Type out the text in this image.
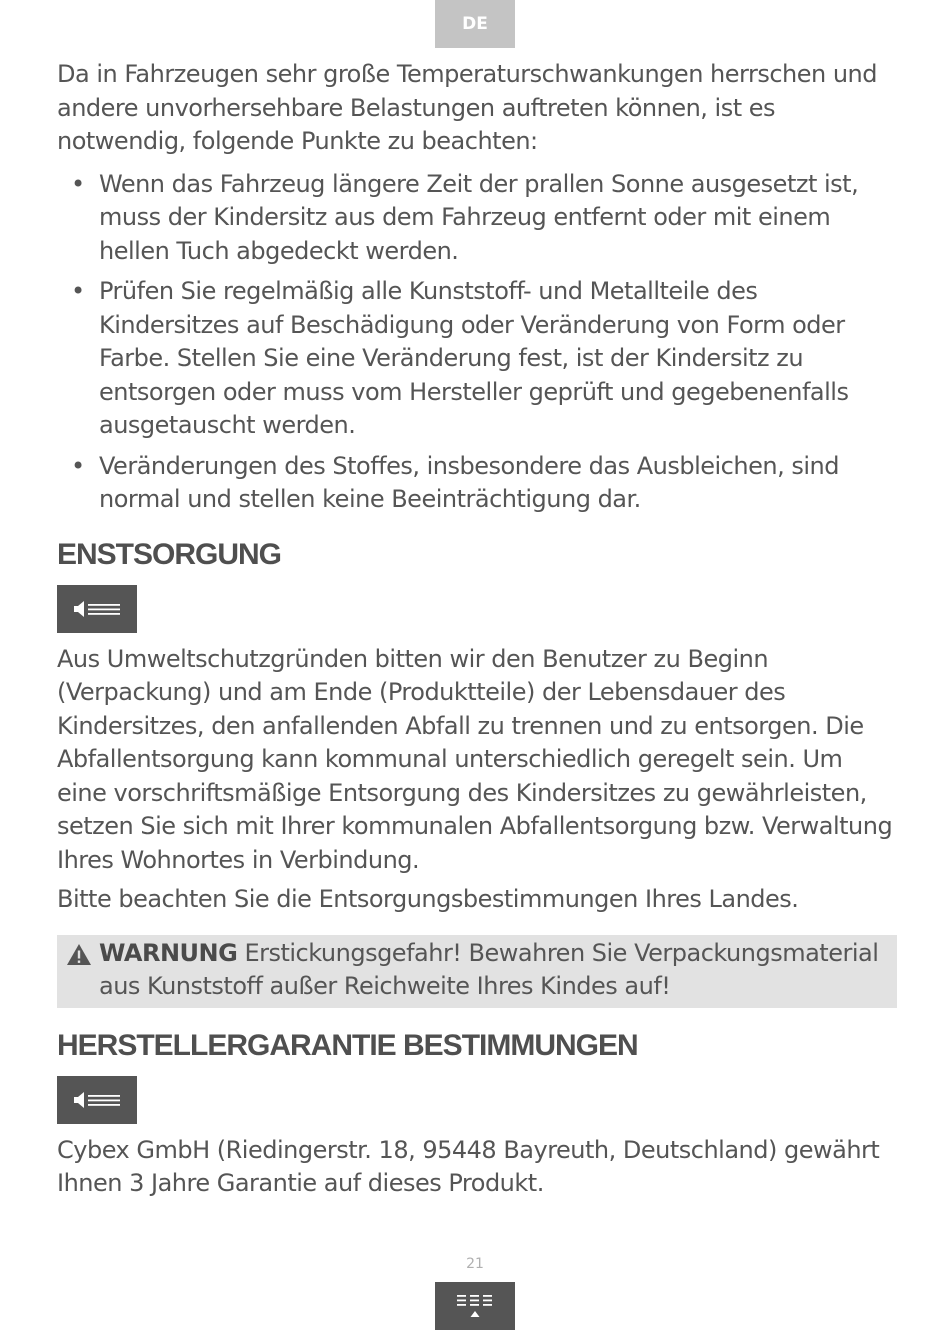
DE

Da in Fahrzeugen sehr große Temperaturschwankungen herrschen und andere unvorhersehbare Belastungen auftreten können, ist es notwendig, folgende Punkte zu beachten:

• Wenn das Fahrzeug längere Zeit der prallen Sonne ausgesetzt ist, muss der Kindersitz aus dem Fahrzeug entfernt oder mit einem hellen Tuch abgedeckt werden.
• Prüfen Sie regelmäßig alle Kunststoff- und Metallteile des Kindersitzes auf Beschädigung oder Veränderung von Form oder Farbe. Stellen Sie eine Veränderung fest, ist der Kindersitz zu entsorgen oder muss vom Hersteller geprüft und gegebenenfalls ausgetauscht werden.
• Veränderungen des Stoffes, insbesondere das Ausbleichen, sind normal und stellen keine Beeinträchtigung dar.
ENSTSORGUNG

Aus Umweltschutzgründen bitten wir den Benutzer zu Beginn (Verpackung) und am Ende (Produktteile) der Lebensdauer des Kindersitzes, den anfallenden Abfall zu trennen und zu entsorgen. Die Abfallentsorgung kann kommunal unterschiedlich geregelt sein. Um eine vorschriftsmäßige Entsorgung des Kindersitzes zu gewährleisten, setzen Sie sich mit Ihrer kommunalen Abfallentsorgung bzw. Verwaltung Ihres Wohnortes in Verbindung.

Bitte beachten Sie die Entsorgungsbestimmungen Ihres Landes.

WARNUNG Erstickungsgefahr! Bewahren Sie Verpackungsmaterial aus Kunststoff außer Reichweite Ihres Kindes auf!

HERSTELLERGARANTIE BESTIMMUNGEN

Cybex GmbH (Riedingerstr. 18, 95448 Bayreuth, Deutschland) gewährt Ihnen 3 Jahre Garantie auf dieses Produkt.

21
